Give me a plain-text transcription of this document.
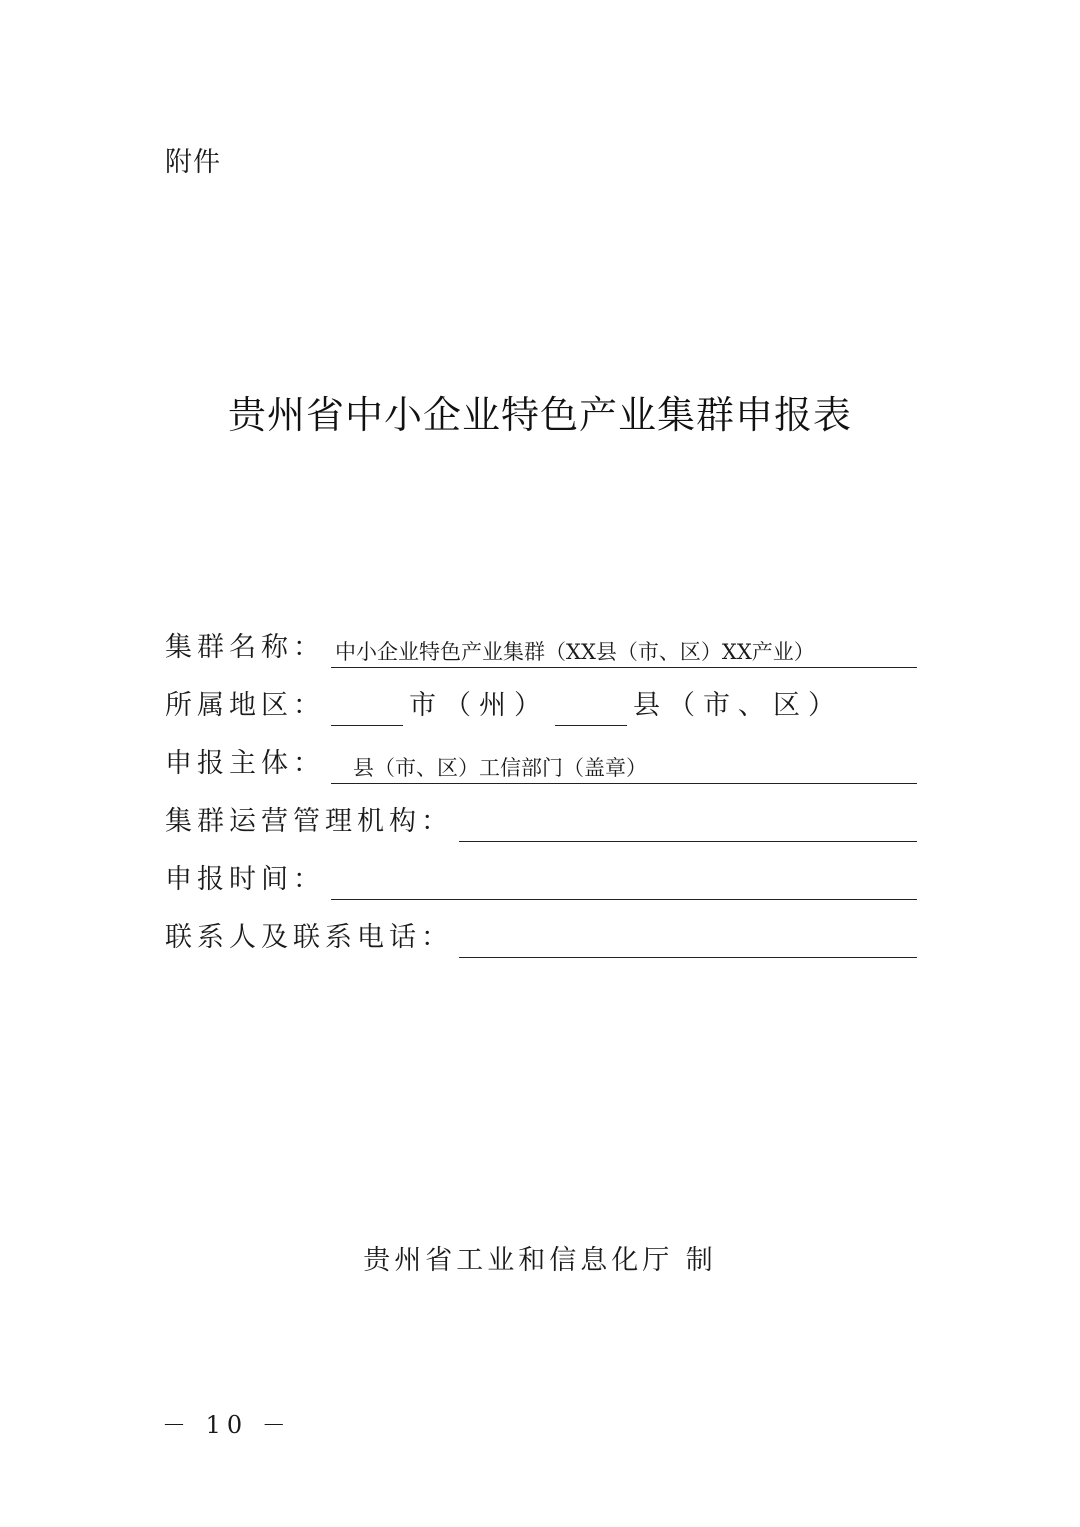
附件
贵州省中小企业特色产业集群申报表
集群名称： 中小企业特色产业集群（XX县（市、区）XX产业）
所属地区：	市（州）	县（市、区）
申报主体：	县（市、区）工信部门（盖章）
集群运营管理机构：
申报时间：
联系人及联系电话：
贵州省工业和信息化厅 制
－ 10 －
